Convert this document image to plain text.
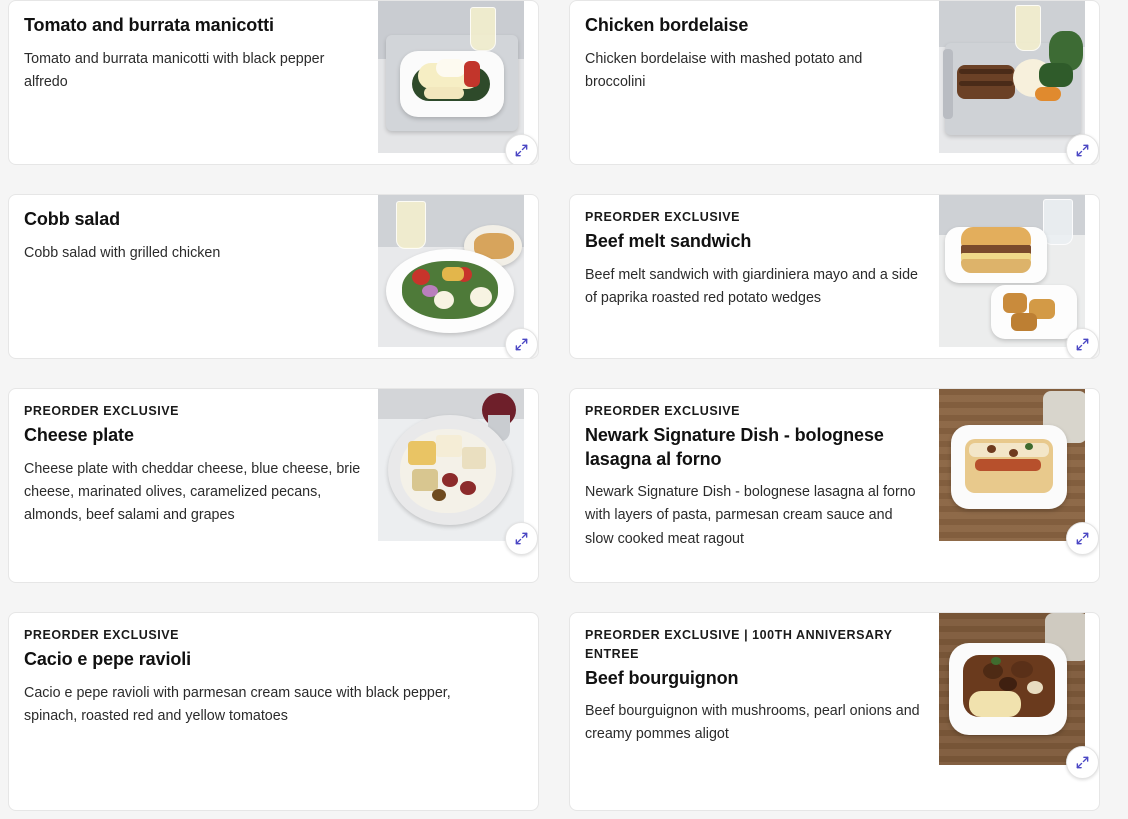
Tomato and burrata manicotti
Tomato and burrata manicotti with black pepper alfredo
Chicken bordelaise
Chicken bordelaise with mashed potato and broccolini
Cobb salad
Cobb salad with grilled chicken
PREORDER EXCLUSIVE
Beef melt sandwich
Beef melt sandwich with giardiniera mayo and a side of paprika roasted red potato wedges
PREORDER EXCLUSIVE
Cheese plate
Cheese plate with cheddar cheese, blue cheese, brie cheese, marinated olives, caramelized pecans, almonds, beef salami and grapes
PREORDER EXCLUSIVE
Newark Signature Dish - bolognese lasagna al forno
Newark Signature Dish - bolognese lasagna al forno with layers of pasta, parmesan cream sauce and slow cooked meat ragout
PREORDER EXCLUSIVE
Cacio e pepe ravioli
Cacio e pepe ravioli with parmesan cream sauce with black pepper, spinach, roasted red and yellow tomatoes
PREORDER EXCLUSIVE | 100TH ANNIVERSARY ENTREE
Beef bourguignon
Beef bourguignon with mushrooms, pearl onions and creamy pommes aligot
